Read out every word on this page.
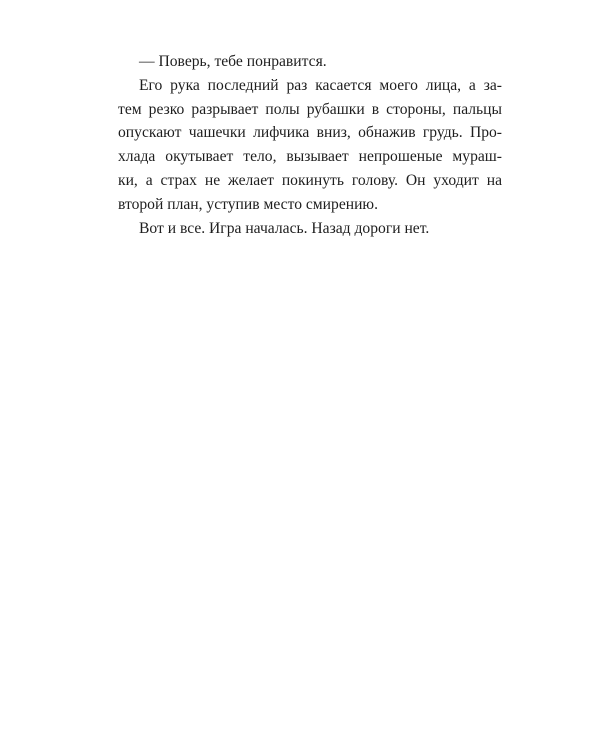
— Поверь, тебе понравится.
Его рука последний раз касается моего лица, а за-
тем резко разрывает полы рубашки в стороны, пальцы
опускают чашечки лифчика вниз, обнажив грудь. Про-
хлада окутывает тело, вызывает непрошеные мураш-
ки, а страх не желает покинуть голову. Он уходит на
второй план, уступив место смирению.
Вот и все. Игра началась. Назад дороги нет.
